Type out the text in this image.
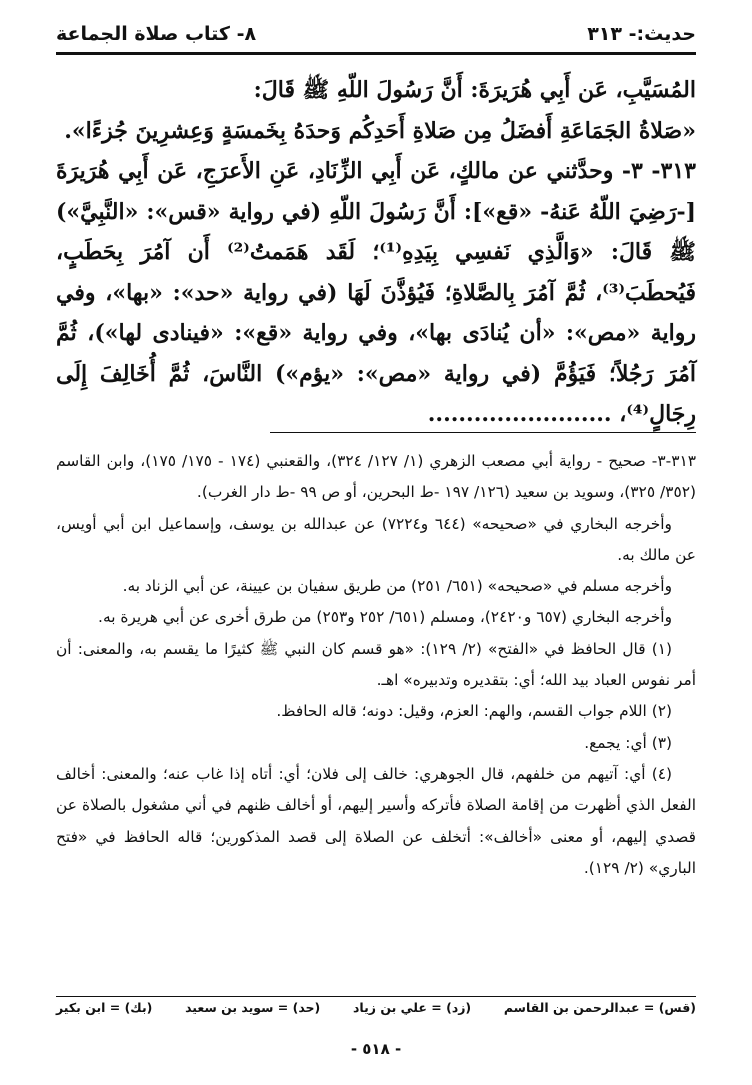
حديث:- ٣١٣
٨- كتاب صلاة الجماعة

المُسَيَّبِ، عَن أَبِي هُرَيرَةَ: أَنَّ رَسُولَ اللّهِ ﷺ قَالَ:

«صَلاةُ الجَمَاعَةِ أَفضَلُ مِن صَلاةِ أَحَدِكُم وَحدَهُ بِخَمسَةٍ وَعِشرِينَ جُزءًا».

٣١٣- ٣- وحدَّثني عن مالكٍ، عَن أَبِي الزِّنَادِ، عَنِ الأَعرَجِ، عَن أَبِي هُرَيرَةَ [-رَضِيَ اللّهُ عَنهُ- «قع»]: أَنَّ رَسُولَ اللّهِ (في رواية «قس»: «النَّبِيَّ») ﷺ قَالَ: «وَالَّذِي نَفسِي بِيَدِهِ⁽¹⁾؛ لَقَد هَمَمتُ⁽²⁾ أَن آمُرَ بِحَطَبٍ، فَيُحطَبَ⁽³⁾، ثُمَّ آمُرَ بِالصَّلاةِ؛ فَيُؤذَّنَ لَهَا (في رواية «حد»: «بها»، وفي رواية «مص»: «أن يُنادَى بها»، وفي رواية «قع»: «فينادى لها»)، ثُمَّ آمُرَ رَجُلاً؛ فَيَؤُمَّ (في رواية «مص»: «يؤم») النَّاسَ، ثُمَّ أُخَالِفَ إِلَى رِجَالٍ⁽⁴⁾، ........................

٣١٣-٣- صحيح - رواية أبي مصعب الزهري (١/ ١٢٧/ ٣٢٤)، والقعنبي (١٧٤ - ١٧٥/ ١٧٥)، وابن القاسم (٣٥٢/ ٣٢٥)، وسويد بن سعيد (١٢٦/ ١٩٧ -ط البحرين، أو ص ٩٩ -ط دار الغرب).

وأخرجه البخاري في «صحيحه» (٦٤٤ و٧٢٢٤) عن عبدالله بن يوسف، وإسماعيل ابن أبي أويس، عن مالك به.

وأخرجه مسلم في «صحيحه» (٦٥١/ ٢٥١) من طريق سفيان بن عيينة، عن أبي الزناد به.

وأخرجه البخاري (٦٥٧ و٢٤٢٠)، ومسلم (٦٥١/ ٢٥٢ و٢٥٣) من طرق أخرى عن أبي هريرة به.

(١) قال الحافظ في «الفتح» (٢/ ١٢٩): «هو قسم كان النبي ﷺ كثيرًا ما يقسم به، والمعنى: أن أمر نفوس العباد بيد الله؛ أي: بتقديره وتدبيره» اهـ.

(٢) اللام جواب القسم، والهم: العزم، وقيل: دونه؛ قاله الحافظ.

(٣) أي: يجمع.

(٤) أي: آتيهم من خلفهم، قال الجوهري: خالف إلى فلان؛ أي: أتاه إذا غاب عنه؛ والمعنى: أخالف الفعل الذي أظهرت من إقامة الصلاة فأتركه وأسير إليهم، أو أخالف ظنهم في أني مشغول بالصلاة عن قصدي إليهم، أو معنى «أخالف»: أتخلف عن الصلاة إلى قصد المذكورين؛ قاله الحافظ في «فتح الباري» (٢/ ١٢٩).

(قس) = عبدالرحمن بن القاسم
(زد) = علي بن زياد
(حد) = سويد بن سعيد
(بك) = ابن بكير
- ٥١٨ -
